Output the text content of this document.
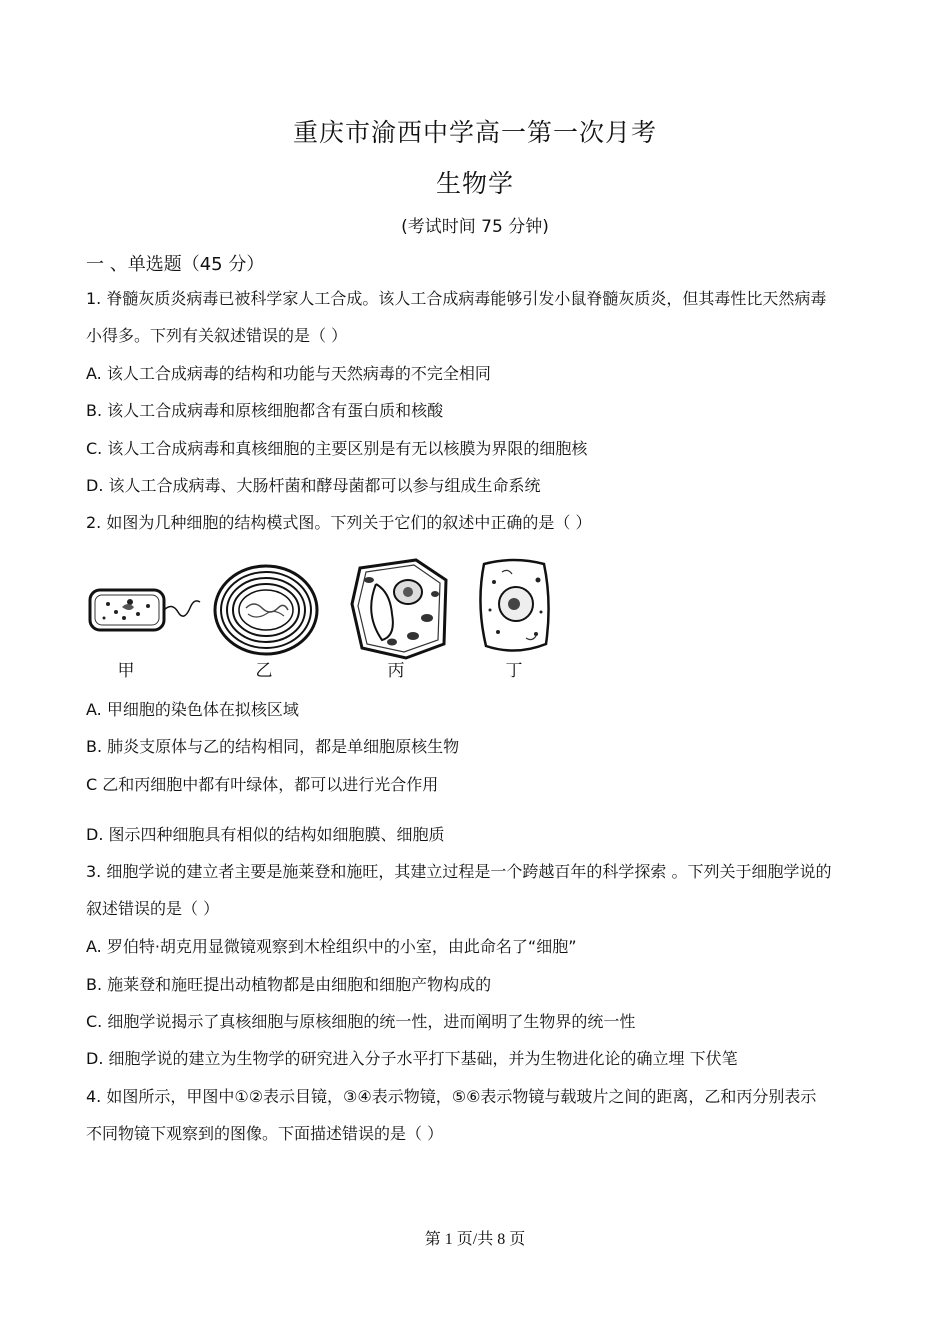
重庆市渝西中学高一第一次月考
生物学
(考试时间 75 分钟)
一 、单选题（45 分）
1. 脊髓灰质炎病毒已被科学家人工合成。该人工合成病毒能够引发小鼠脊髓灰质炎，但其毒性比天然病毒
小得多。下列有关叙述错误的是（ ）
A. 该人工合成病毒的结构和功能与天然病毒的不完全相同
B. 该人工合成病毒和原核细胞都含有蛋白质和核酸
C. 该人工合成病毒和真核细胞的主要区别是有无以核膜为界限的细胞核
D. 该人工合成病毒、大肠杆菌和酵母菌都可以参与组成生命系统
2. 如图为几种细胞的结构模式图。下列关于它们的叙述中正确的是（ ）
甲	乙	丙	丁
A. 甲细胞的染色体在拟核区域
B. 肺炎支原体与乙的结构相同，都是单细胞原核生物
C 乙和丙细胞中都有叶绿体，都可以进行光合作用
D. 图示四种细胞具有相似的结构如细胞膜、细胞质
3. 细胞学说的建立者主要是施莱登和施旺，其建立过程是一个跨越百年的科学探索 。下列关于细胞学说的
叙述错误的是（ ）
A. 罗伯特·胡克用显微镜观察到木栓组织中的小室，由此命名了“细胞”
B. 施莱登和施旺提出动植物都是由细胞和细胞产物构成的
C. 细胞学说揭示了真核细胞与原核细胞的统一性，进而阐明了生物界的统一性
D. 细胞学说的建立为生物学的研究进入分子水平打下基础，并为生物进化论的确立埋 下伏笔
4. 如图所示，甲图中①②表示目镜，③④表示物镜，⑤⑥表示物镜与载玻片之间的距离，乙和丙分别表示
不同物镜下观察到的图像。下面描述错误的是（ ）
第 1 页/共 8 页
